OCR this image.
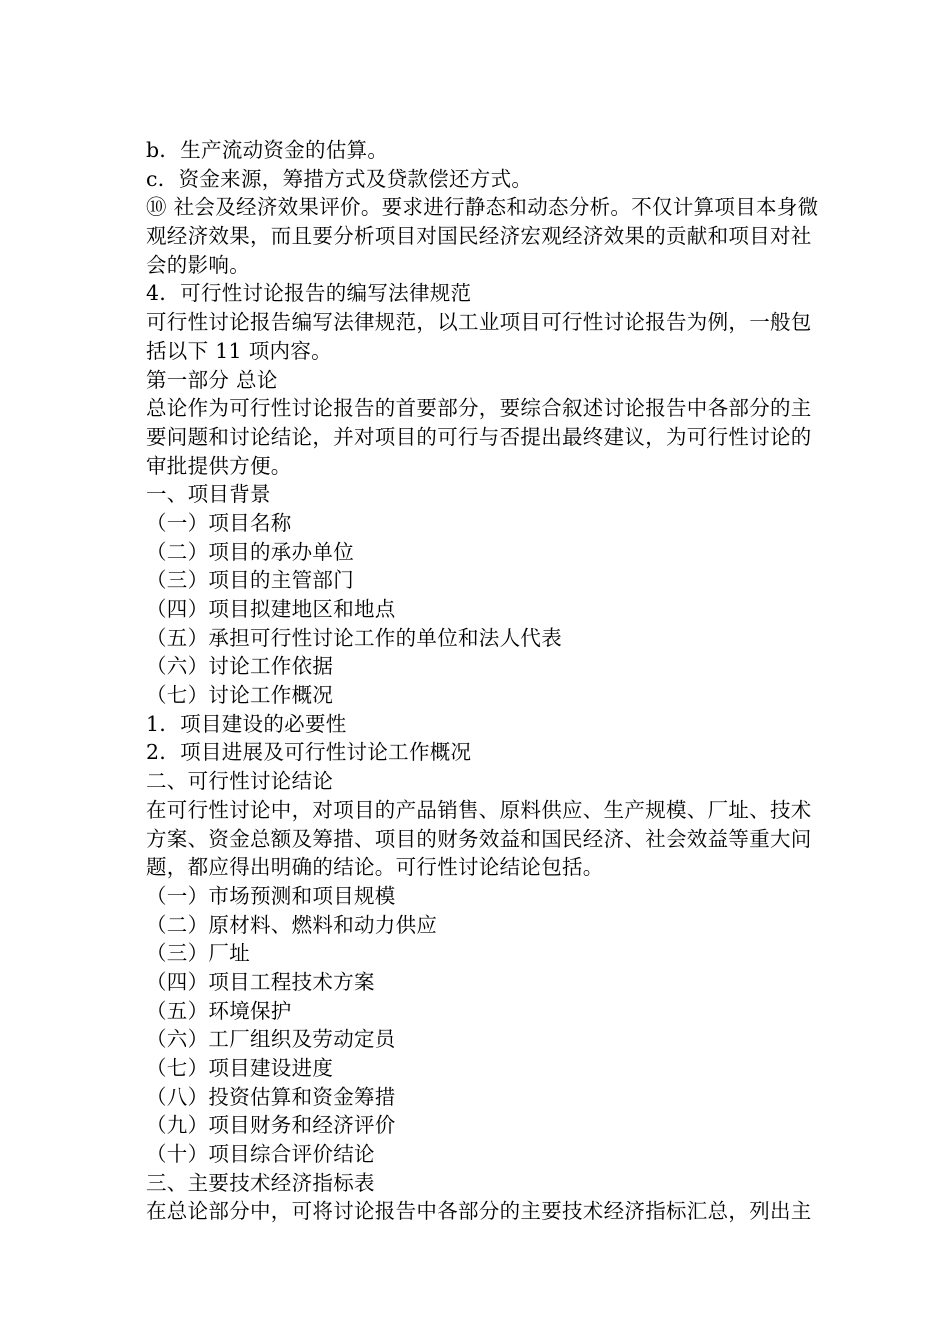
b．生产流动资金的估算。
c．资金来源，筹措方式及贷款偿还方式。
⑩ 社会及经济效果评价。要求进行静态和动态分析。不仅计算项目本身微
观经济效果，而且要分析项目对国民经济宏观经济效果的贡献和项目对社
会的影响。
4．可行性讨论报告的编写法律规范
可行性讨论报告编写法律规范，以工业项目可行性讨论报告为例，一般包
括以下 11 项内容。
第一部分 总论
总论作为可行性讨论报告的首要部分，要综合叙述讨论报告中各部分的主
要问题和讨论结论，并对项目的可行与否提出最终建议，为可行性讨论的
审批提供方便。
一、项目背景
（一）项目名称
（二）项目的承办单位
（三）项目的主管部门
（四）项目拟建地区和地点
（五）承担可行性讨论工作的单位和法人代表
（六）讨论工作依据
（七）讨论工作概况
1．项目建设的必要性
2．项目进展及可行性讨论工作概况
二、可行性讨论结论
在可行性讨论中，对项目的产品销售、原料供应、生产规模、厂址、技术
方案、资金总额及筹措、项目的财务效益和国民经济、社会效益等重大问
题，都应得出明确的结论。可行性讨论结论包括。
（一）市场预测和项目规模
（二）原材料、燃料和动力供应
（三）厂址
（四）项目工程技术方案
（五）环境保护
（六）工厂组织及劳动定员
（七）项目建设进度
（八）投资估算和资金筹措
（九）项目财务和经济评价
（十）项目综合评价结论
三、主要技术经济指标表
在总论部分中，可将讨论报告中各部分的主要技术经济指标汇总，列出主
